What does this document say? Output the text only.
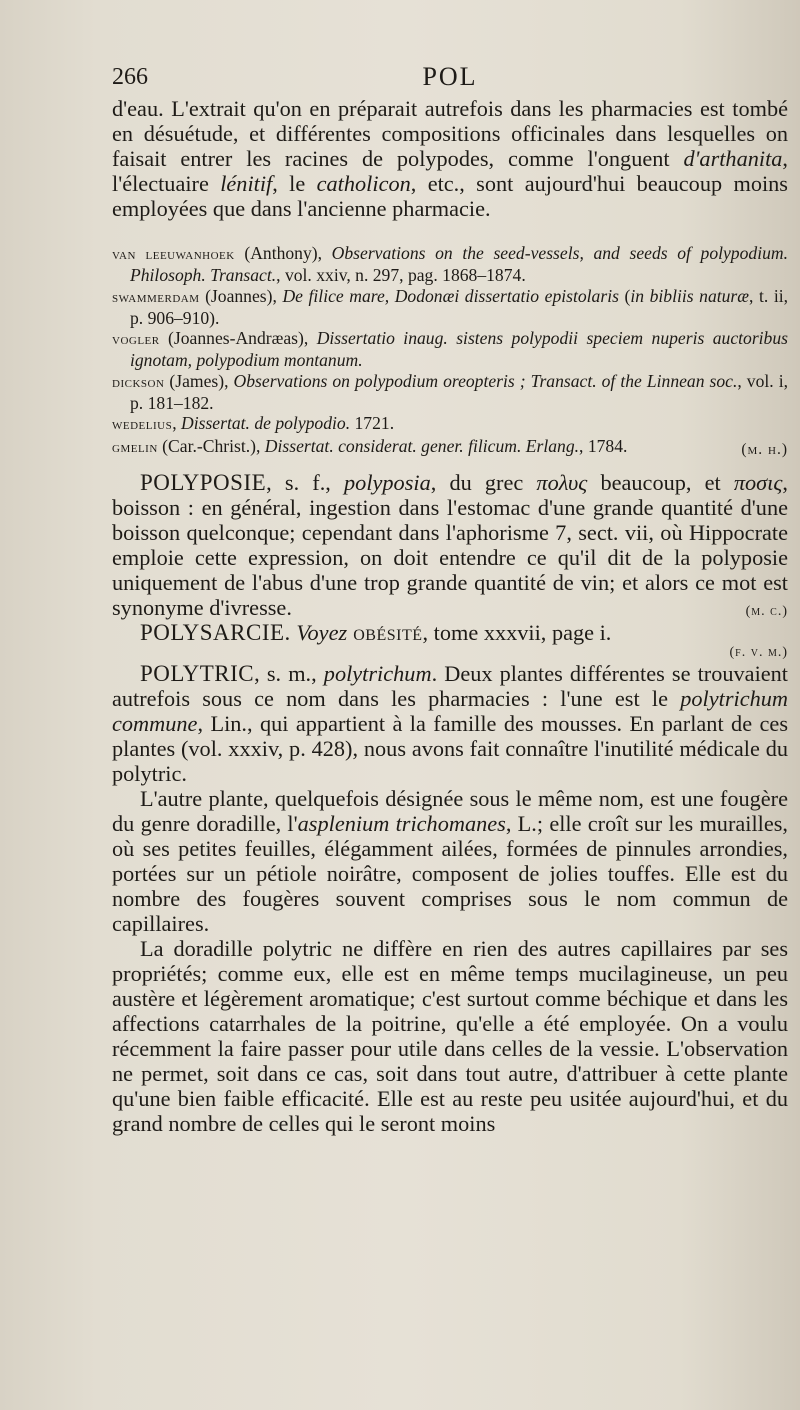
266	POL

d'eau. L'extrait qu'on en préparait autrefois dans les pharmacies est tombé en désuétude, et différentes compositions officinales dans lesquelles on faisait entrer les racines de polypodes, comme l'onguent d'arthanita, l'électuaire lénitif, le catholicon, etc., sont aujourd'hui beaucoup moins employées que dans l'ancienne pharmacie.

van leeuwanhoek (Anthony), Observations on the seed-vessels, and seeds of polypodium. Philosoph. Transact., vol. xxiv, n. 297, pag. 1868–1874.

swammerdam (Joannes), De filice mare, Dodonæi dissertatio epistolaris (in bibliis naturæ, t. ii, p. 906–910).

vogler (Joannes-Andræas), Dissertatio inaug. sistens polypodii speciem nuperis auctoribus ignotam, polypodium montanum.

dickson (James), Observations on polypodium oreopteris ; Transact. of the Linnean soc., vol. i, p. 181–182.

wedelius, Dissertat. de polypodio. 1721.

gmelin (Car.-Christ.), Dissertat. considerat. gener. filicum. Erlang., 1784.	(m. h.)

POLYPOSIE, s. f., polyposia, du grec πολυς beaucoup, et ποσις, boisson : en général, ingestion dans l'estomac d'une grande quantité d'une boisson quelconque; cependant dans l'aphorisme 7, sect. vii, où Hippocrate emploie cette expression, on doit entendre ce qu'il dit de la polyposie uniquement de l'abus d'une trop grande quantité de vin; et alors ce mot est synonyme d'ivresse.	(m. c.)

POLYSARCIE. Voyez obésité, tome xxxvii, page i.

(f. v. m.)

POLYTRIC, s. m., polytrichum. Deux plantes différentes se trouvaient autrefois sous ce nom dans les pharmacies : l'une est le polytrichum commune, Lin., qui appartient à la famille des mousses. En parlant de ces plantes (vol. xxxiv, p. 428), nous avons fait connaître l'inutilité médicale du polytric.

L'autre plante, quelquefois désignée sous le même nom, est une fougère du genre doradille, l'asplenium trichomanes, L.; elle croît sur les murailles, où ses petites feuilles, élégamment ailées, formées de pinnules arrondies, portées sur un pétiole noirâtre, composent de jolies touffes. Elle est du nombre des fougères souvent comprises sous le nom commun de capillaires.

La doradille polytric ne diffère en rien des autres capillaires par ses propriétés; comme eux, elle est en même temps mucilagineuse, un peu austère et légèrement aromatique; c'est surtout comme béchique et dans les affections catarrhales de la poitrine, qu'elle a été employée. On a voulu récemment la faire passer pour utile dans celles de la vessie. L'observation ne permet, soit dans ce cas, soit dans tout autre, d'attribuer à cette plante qu'une bien faible efficacité. Elle est au reste peu usitée aujourd'hui, et du grand nombre de celles qui le seront moins
